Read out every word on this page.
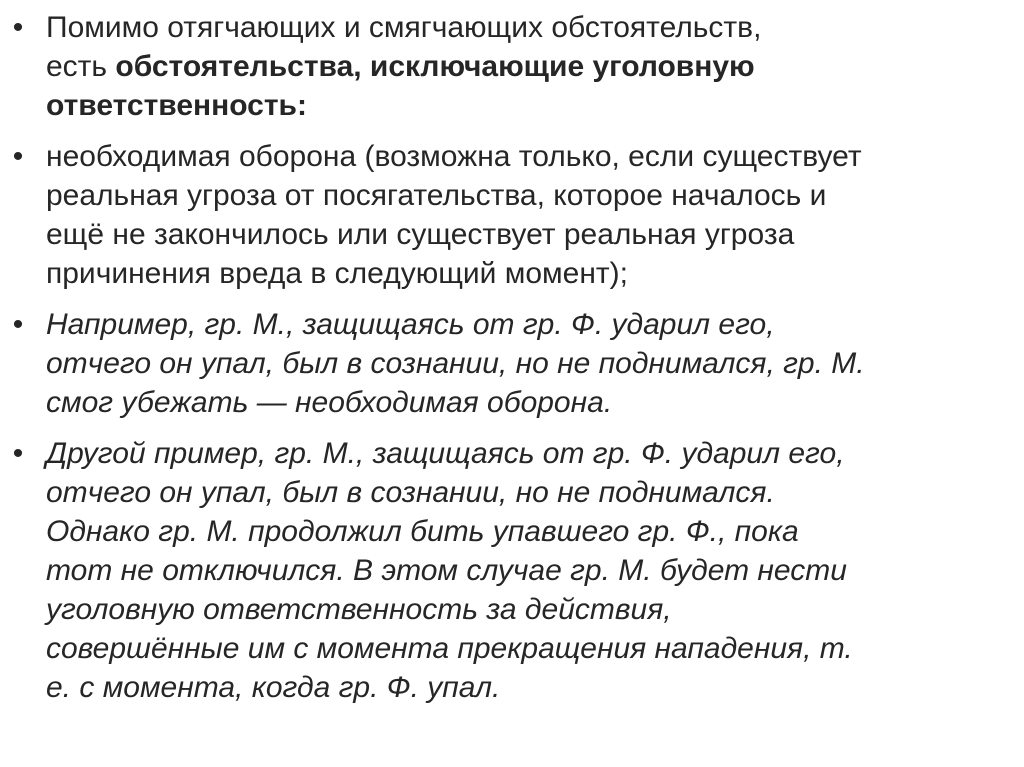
• Помимо отягчающих и смягчающих обстоятельств,
есть обстоятельства, исключающие уголовную
ответственность:
• необходимая оборона (возможна только, если существует
реальная угроза от посягательства, которое началось и
ещё не закончилось или существует реальная угроза
причинения вреда в следующий момент);
• Например, гр. М., защищаясь от гр. Ф. ударил его,
отчего он упал, был в сознании, но не поднимался, гр. М.
смог убежать — необходимая оборона.
• Другой пример, гр. М., защищаясь от гр. Ф. ударил его,
отчего он упал, был в сознании, но не поднимался.
Однако гр. М. продолжил бить упавшего гр. Ф., пока
тот не отключился. В этом случае гр. М. будет нести
уголовную ответственность за действия,
совершённые им с момента прекращения нападения, т.
е. с момента, когда гр. Ф. упал.
